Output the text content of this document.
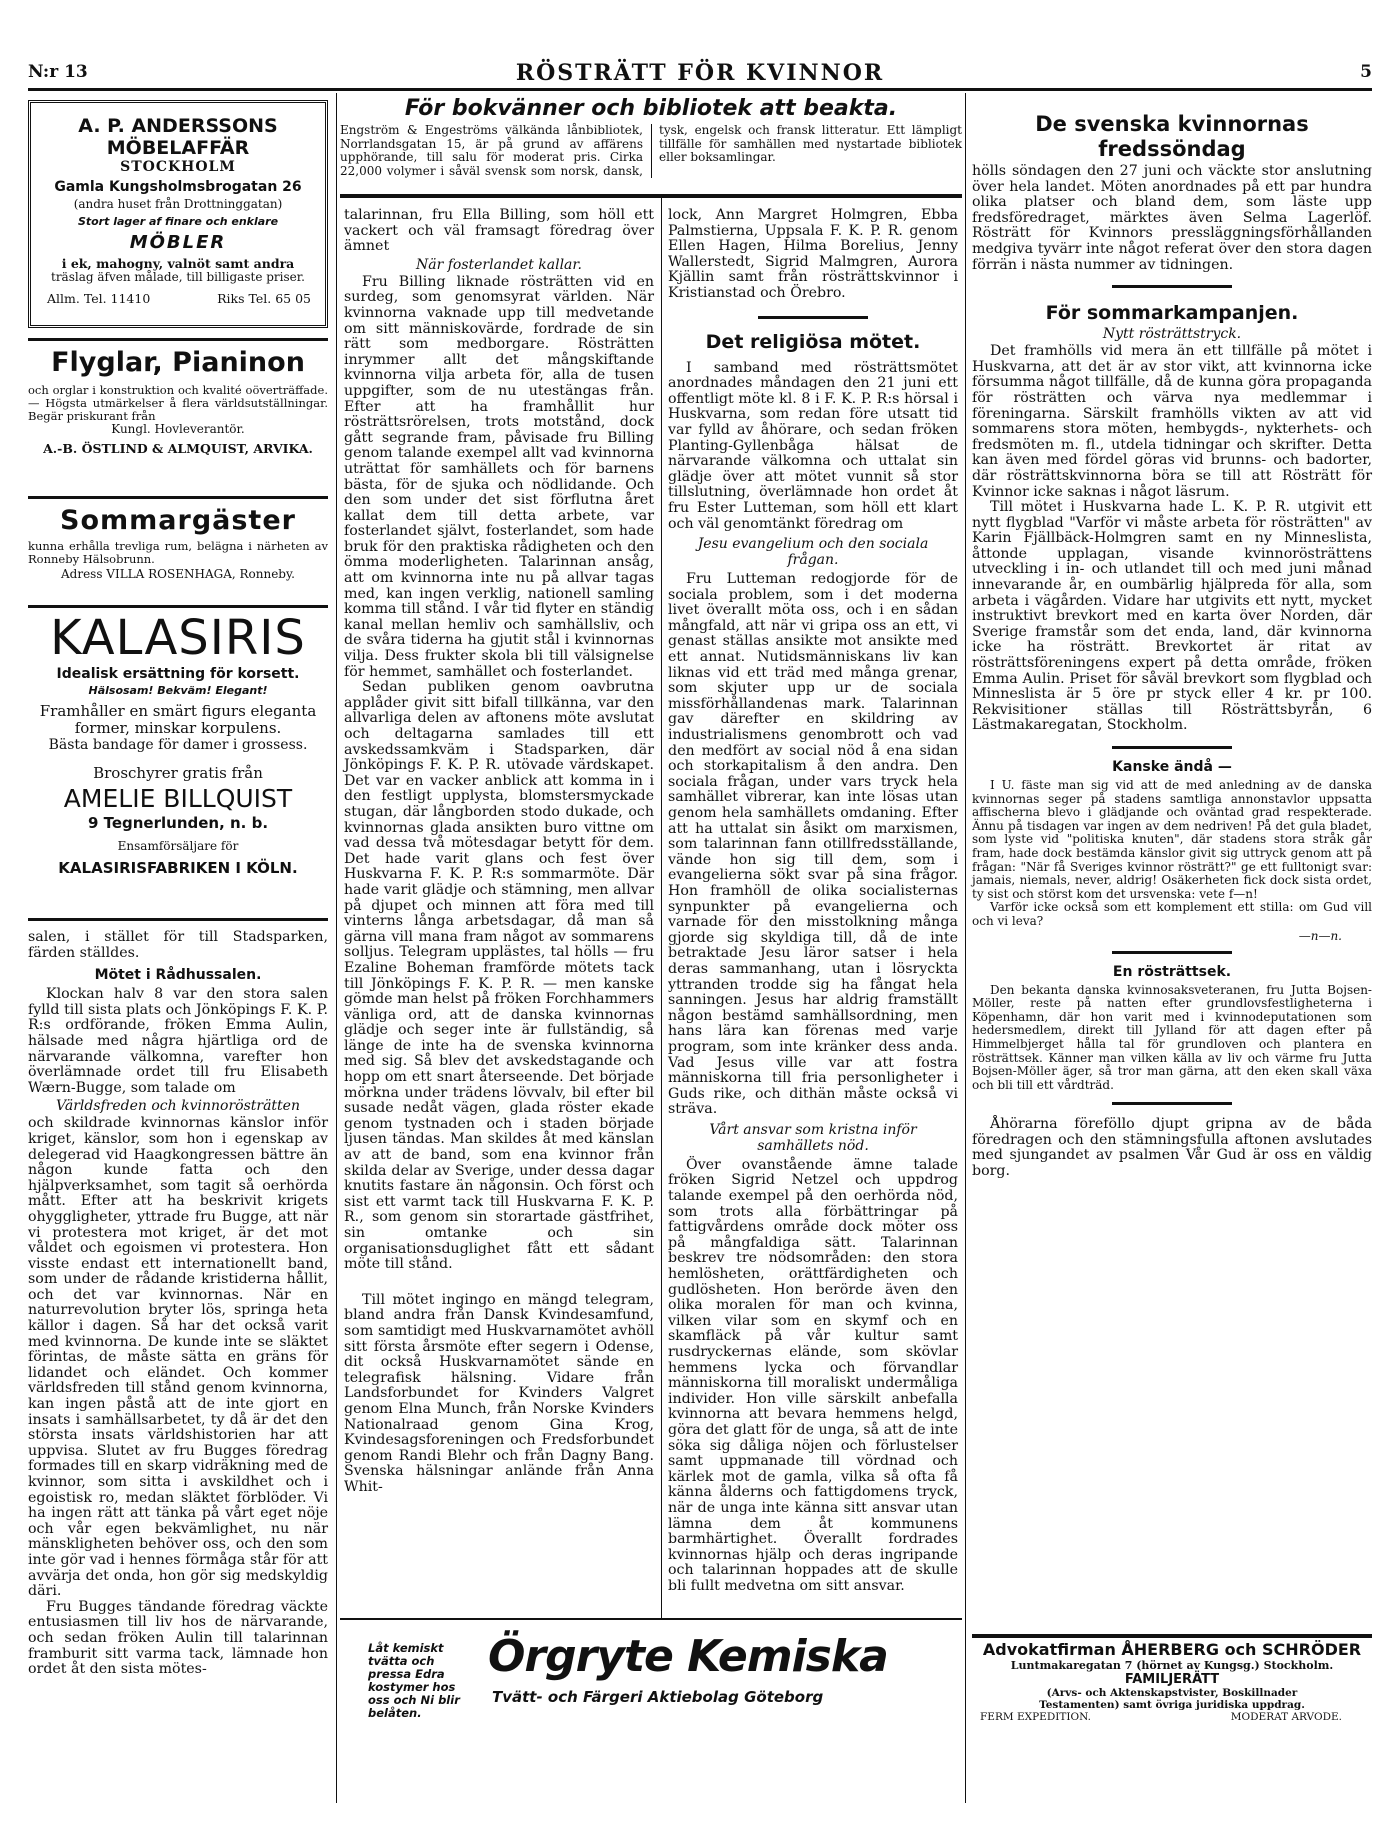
N:r 13	RÖSTRÄTT FÖR KVINNOR	5
A. P. ANDERSSONS MÖBELAFFÄR
STOCKHOLM
Gamla Kungsholmsbrogatan 26
(andra huset från Drottninggatan)
Stort lager af finare och enklare
MÖBLER
i ek, mahogny, valnöt samt andra
träslag äfven målade, till billigaste priser.
Allm. Tel. 11410	Riks Tel. 65 05
Flyglar, Pianinon
och orglar i konstruktion och kvalité oöverträffade. — Högsta utmärkelser å flera världsutställningar. Begär priskurant från
Kungl. Hovleverantör.
A.-B. ÖSTLIND & ALMQUIST, ARVIKA.
Sommargäster
kunna erhålla trevliga rum, belägna i närheten av Ronneby Hälsobrunn.
Adress VILLA ROSENHAGA, Ronneby.
KALASIRIS
Idealisk ersättning för korsett.
Hälsosam! Bekväm! Elegant!
Framhåller en smärt figurs eleganta former, minskar korpulens.
Bästa bandage för damer i grossess.
Broschyrer gratis från
AMELIE BILLQUIST
9 Tegnerlunden, n. b.
Ensamförsäljare för
KALASIRISFABRIKEN I KÖLN.

salen, i stället för till Stadsparken, färden ställdes.

Mötet i Rådhussalen.

Klockan halv 8 var den stora salen fylld till sista plats och Jönköpings F. K. P. R:s ordförande, fröken Emma Aulin, hälsade med några hjärtliga ord de närvarande välkomna, varefter hon överlämnade ordet till fru Elisabeth Wærn-Bugge, som talade om

Världsfreden och kvinnorösträtten

och skildrade kvinnornas känslor inför kriget, känslor, som hon i egenskap av delegerad vid Haagkongressen bättre än någon kunde fatta och den hjälpverksamhet, som tagit så oerhörda mått. Efter att ha beskrivit krigets ohyggligheter, yttrade fru Bugge, att när vi protestera mot kriget, är det mot våldet och egoismen vi protestera. Hon visste endast ett internationellt band, som under de rådande kristiderna hållit, och det var kvinnornas. När en naturrevolution bryter lös, springa heta källor i dagen. Så har det också varit med kvinnorna. De kunde inte se släktet förintas, de måste sätta en gräns för lidandet och eländet. Och kommer världsfreden till stånd genom kvinnorna, kan ingen påstå att de inte gjort en insats i samhällsarbetet, ty då är det den största insats världshistorien har att uppvisa. Slutet av fru Bugges föredrag formades till en skarp vidräkning med de kvinnor, som sitta i avskildhet och i egoistisk ro, medan släktet förblöder. Vi ha ingen rätt att tänka på vårt eget nöje och vår egen bekvämlighet, nu när mänskligheten behöver oss, och den som inte gör vad i hennes förmåga står för att avvärja det onda, hon gör sig medskyldig däri.

Fru Bugges tändande föredrag väckte entusiasmen till liv hos de närvarande, och sedan fröken Aulin till talarinnan framburit sitt varma tack, lämnade hon ordet åt den sista mötes-

För bokvänner och bibliotek att beakta.
Engström & Engeströms välkända lånbibliotek, Norrlandsgatan 15, är på grund av affärens upphörande, till salu för moderat pris. Cirka 22,000 volymer i såväl svensk som norsk, dansk, tysk, engelsk och fransk litteratur. Ett lämpligt tillfälle för samhällen med nystartade bibliotek eller boksamlingar.

talarinnan, fru Ella Billing, som höll ett vackert och väl framsagt föredrag över ämnet

När fosterlandet kallar.

Fru Billing liknade rösträtten vid en surdeg, som genomsyrat världen. När kvinnorna vaknade upp till medvetande om sitt människovärde, fordrade de sin rätt som medborgare. Rösträtten inrymmer allt det mångskiftande kvinnorna vilja arbeta för, alla de tusen uppgifter, som de nu utestängas från. Efter att ha framhållit hur rösträttsrörelsen, trots motstånd, dock gått segrande fram, påvisade fru Billing genom talande exempel allt vad kvinnorna uträttat för samhällets och för barnens bästa, för de sjuka och nödlidande. Och den som under det sist förflutna året kallat dem till detta arbete, var fosterlandet självt, fosterlandet, som hade bruk för den praktiska rådigheten och den ömma moderligheten. Talarinnan ansåg, att om kvinnorna inte nu på allvar tagas med, kan ingen verklig, nationell samling komma till stånd. I vår tid flyter en ständig kanal mellan hemliv och samhällsliv, och de svåra tiderna ha gjutit stål i kvinnornas vilja. Dess frukter skola bli till välsignelse för hemmet, samhället och fosterlandet.

Sedan publiken genom oavbrutna applåder givit sitt bifall tillkänna, var den allvarliga delen av aftonens möte avslutat och deltagarna samlades till ett avskedssamkväm i Stadsparken, där Jönköpings F. K. P. R. utövade värdskapet. Det var en vacker anblick att komma in i den festligt upplysta, blomstersmyckade stugan, där långborden stodo dukade, och kvinnornas glada ansikten buro vittne om vad dessa två mötesdagar betytt för dem. Det hade varit glans och fest över Huskvarna F. K. P. R:s sommarmöte. Där hade varit glädje och stämning, men allvar på djupet och minnen att föra med till vinterns långa arbetsdagar, då man så gärna vill mana fram något av sommarens solljus. Telegram upplästes, tal hölls — fru Ezaline Boheman framförde mötets tack till Jönköpings F. K. P. R. — men kanske gömde man helst på fröken Forchhammers vänliga ord, att de danska kvinnornas glädje och seger inte är fullständig, så länge de inte ha de svenska kvinnorna med sig. Så blev det avskedstagande och hopp om ett snart återseende. Det började mörkna under trädens lövvalv, bil efter bil susade nedåt vägen, glada röster ekade genom tystnaden och i staden började ljusen tändas. Man skildes åt med känslan av att de band, som ena kvinnor från skilda delar av Sverige, under dessa dagar knutits fastare än någonsin. Och först och sist ett varmt tack till Huskvarna F. K. P. R., som genom sin storartade gästfrihet, sin omtanke och sin organisationsduglighet fått ett sådant möte till stånd.

Till mötet ingingo en mängd telegram, bland andra från Dansk Kvindesamfund, som samtidigt med Huskvarnamötet avhöll sitt första årsmöte efter segern i Odense, dit också Huskvarnamötet sände en telegrafisk hälsning. Vidare från Landsforbundet for Kvinders Valgret genom Elna Munch, från Norske Kvinders Nationalraad genom Gina Krog, Kvindesagsforeningen och Fredsforbundet genom Randi Blehr och från Dagny Bang. Svenska hälsningar anlände från Anna Whit-

lock, Ann Margret Holmgren, Ebba Palmstierna, Uppsala F. K. P. R. genom Ellen Hagen, Hilma Borelius, Jenny Wallerstedt, Sigrid Malmgren, Aurora Kjällin samt från rösträttskvinnor i Kristianstad och Örebro.

Det religiösa mötet.

I samband med rösträttsmötet anordnades måndagen den 21 juni ett offentligt möte kl. 8 i F. K. P. R:s hörsal i Huskvarna, som redan före utsatt tid var fylld av åhörare, och sedan fröken Planting-Gyllenbåga hälsat de närvarande välkomna och uttalat sin glädje över att mötet vunnit så stor tillslutning, överlämnade hon ordet åt fru Ester Lutteman, som höll ett klart och väl genomtänkt föredrag om

Jesu evangelium och den sociala frågan.

Fru Lutteman redogjorde för de sociala problem, som i det moderna livet överallt möta oss, och i en sådan mångfald, att när vi gripa oss an ett, vi genast ställas ansikte mot ansikte med ett annat. Nutidsmänniskans liv kan liknas vid ett träd med många grenar, som skjuter upp ur de sociala missförhållandenas mark. Talarinnan gav därefter en skildring av industrialismens genombrott och vad den medfört av social nöd å ena sidan och storkapitalism å den andra. Den sociala frågan, under vars tryck hela samhället vibrerar, kan inte lösas utan genom hela samhällets omdaning. Efter att ha uttalat sin åsikt om marxismen, som talarinnan fann otillfredsställande, vände hon sig till dem, som i evangelierna sökt svar på sina frågor. Hon framhöll de olika socialisternas synpunkter på evangelierna och varnade för den misstolkning många gjorde sig skyldiga till, då de inte betraktade Jesu läror satser i hela deras sammanhang, utan i lösryckta yttranden trodde sig ha fångat hela sanningen. Jesus har aldrig framställt någon bestämd samhällsordning, men hans lära kan förenas med varje program, som inte kränker dess anda. Vad Jesus ville var att fostra människorna till fria personligheter i Guds rike, och dithän måste också vi sträva.

Vårt ansvar som kristna inför samhällets nöd.

Över ovanstående ämne talade fröken Sigrid Netzel och uppdrog talande exempel på den oerhörda nöd, som trots alla förbättringar på fattigvårdens område dock möter oss på mångfaldiga sätt. Talarinnan beskrev tre nödsområden: den stora hemlösheten, orättfärdigheten och gudlösheten. Hon berörde även den olika moralen för man och kvinna, vilken vilar som en skymf och en skamfläck på vår kultur samt rusdryckernas elände, som skövlar hemmens lycka och förvandlar människorna till moraliskt undermåliga individer. Hon ville särskilt anbefalla kvinnorna att bevara hemmens helgd, göra det glatt för de unga, så att de inte söka sig dåliga nöjen och förlustelser samt uppmanade till vördnad och kärlek mot de gamla, vilka så ofta få känna ålderns och fattigdomens tryck, när de unga inte känna sitt ansvar utan lämna dem åt kommunens barmhärtighet. Överallt fordrades kvinnornas hjälp och deras ingripande och talarinnan hoppades att de skulle bli fullt medvetna om sitt ansvar.

De svenska kvinnornas fredssöndag

hölls söndagen den 27 juni och väckte stor anslutning över hela landet. Möten anordnades på ett par hundra olika platser och bland dem, som läste upp fredsföredraget, märktes även Selma Lagerlöf. Rösträtt för Kvinnors pressläggningsförhållanden medgiva tyvärr inte något referat över den stora dagen förrän i nästa nummer av tidningen.

För sommarkampanjen.
Nytt rösträttstryck.

Det framhölls vid mera än ett tillfälle på mötet i Huskvarna, att det är av stor vikt, att kvinnorna icke försumma något tillfälle, då de kunna göra propaganda för rösträtten och värva nya medlemmar i föreningarna. Särskilt framhölls vikten av att vid sommarens stora möten, hembygds-, nykterhets- och fredsmöten m. fl., utdela tidningar och skrifter. Detta kan även med fördel göras vid brunns- och badorter, där rösträttskvinnorna böra se till att Rösträtt för Kvinnor icke saknas i något läsrum.

Till mötet i Huskvarna hade L. K. P. R. utgivit ett nytt flygblad "Varför vi måste arbeta för rösträtten" av Karin Fjällbäck-Holmgren samt en ny Minneslista, åttonde upplagan, visande kvinnorösträttens utveckling i in- och utlandet till och med juni månad innevarande år, en oumbärlig hjälpreda för alla, som arbeta i vägården. Vidare har utgivits ett nytt, mycket instruktivt brevkort med en karta över Norden, där Sverige framstår som det enda, land, där kvinnorna icke ha rösträtt. Brevkortet är ritat av rösträttsföreningens expert på detta område, fröken Emma Aulin. Priset för såväl brevkort som flygblad och Minneslista är 5 öre pr styck eller 4 kr. pr 100. Rekvisitioner ställas till Rösträttsbyrån, 6 Lästmakaregatan, Stockholm.

Kanske ändå —

I U. fäste man sig vid att de med anledning av de danska kvinnornas seger på stadens samtliga annonstavlor uppsatta affischerna blevo i glädjande och oväntad grad respekterade. Ännu på tisdagen var ingen av dem nedriven! På det gula bladet, som lyste vid "politiska knuten", där stadens stora stråk går fram, hade dock bestämda känslor givit sig uttryck genom att på frågan: "När få Sveriges kvinnor rösträtt?" ge ett fulltonigt svar: jamais, niemals, never, aldrig! Osäkerheten fick dock sista ordet, ty sist och störst kom det ursvenska: vete f—n!

Varför icke också som ett komplement ett stilla: om Gud vill och vi leva?

—n—n.
En rösträttsek.

Den bekanta danska kvinnosaksveteranen, fru Jutta Bojsen-Möller, reste på natten efter grundlovsfestligheterna i Köpenhamn, där hon varit med i kvinnodeputationen som hedersmedlem, direkt till Jylland för att dagen efter på Himmelbjerget hålla tal för grundloven och plantera en rösträttsek. Känner man vilken källa av liv och värme fru Jutta Bojsen-Möller äger, så tror man gärna, att den eken skall växa och bli till ett vårdträd.

Åhörarna föreföllo djupt gripna av de båda föredragen och den stämningsfulla aftonen avslutades med sjungandet av psalmen Vår Gud är oss en väldig borg.

Låt kemiskt tvätta och pressa Edra kostymer hos oss och Ni blir belåten.
Örgryte Kemiska
Tvätt- och Färgeri Aktiebolag Göteborg
Advokatfirman ÅHERBERG och SCHRÖDER
Luntmakaregatan 7 (hörnet av Kungsg.) Stockholm.
FAMILJERÄTT
(Arvs- och Aktenskapstvister, Boskillnader Testamenten) samt övriga juridiska uppdrag.
FERM EXPEDITION.	MODERAT ARVODE.
